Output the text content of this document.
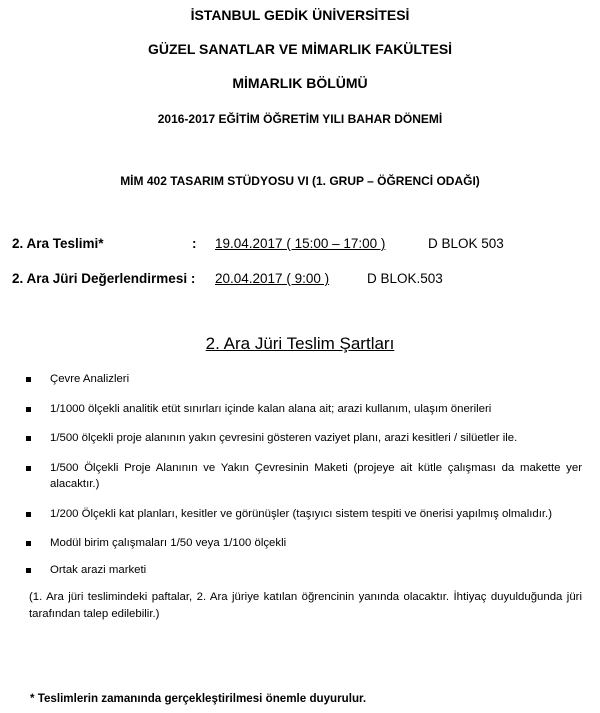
İSTANBUL GEDİK ÜNİVERSİTESİ
GÜZEL SANATLAR VE MİMARLIK FAKÜLTESİ
MİMARLIK BÖLÜMÜ
2016-2017 EĞİTİM ÖĞRETİM YILI BAHAR DÖNEMİ
MİM 402 TASARIM STÜDYOSU VI (1. GRUP – ÖĞRENCİ ODAĞI)
2. Ara Teslimi*	: 19.04.2017 ( 15:00 – 17:00 )	D BLOK 503
2. Ara Jüri Değerlendirmesi : 20.04.2017 ( 9:00 )	D BLOK.503
2. Ara Jüri Teslim Şartları
Çevre Analizleri
1/1000 ölçekli analitik etüt sınırları içinde kalan alana ait; arazi kullanım, ulaşım önerileri
1/500 ölçekli proje alanının yakın çevresini gösteren vaziyet planı, arazi kesitleri / silüetler ile.
1/500 Ölçekli Proje Alanının ve Yakın Çevresinin Maketi (projeye ait kütle çalışması da makette yer alacaktır.)
1/200 Ölçekli kat planları, kesitler ve görünüşler (taşıyıcı sistem tespiti ve önerisi yapılmış olmalıdır.)
Modül birim çalışmaları 1/50 veya 1/100 ölçekli
Ortak arazi marketi
(1. Ara jüri teslimindeki paftalar, 2. Ara jüriye katılan öğrencinin yanında olacaktır. İhtiyaç duyulduğunda jüri tarafından talep edilebilir.)
* Teslimlerin zamanında gerçekleştirilmesi önemle duyurulur.
